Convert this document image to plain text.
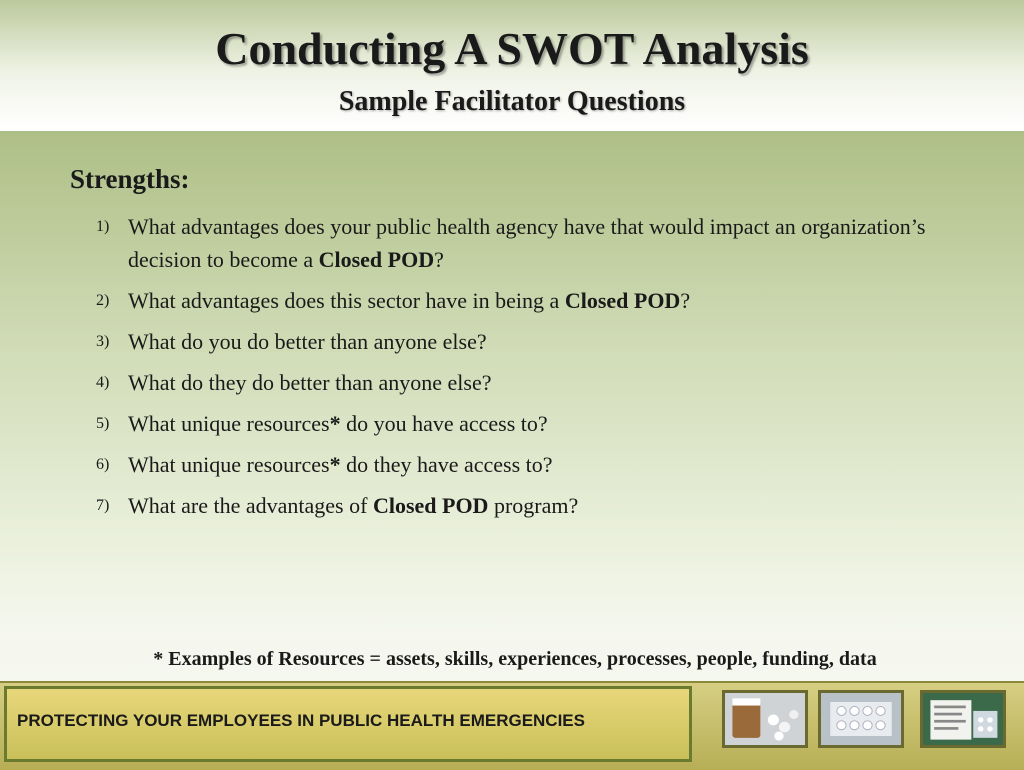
Conducting A SWOT Analysis
Sample Facilitator Questions
Strengths:
1) What advantages does your public health agency have that would impact an organization’s decision to become a Closed POD?
2) What advantages does this sector have in being a Closed POD?
3) What do you do better than anyone else?
4) What do they do better than anyone else?
5) What unique resources* do you have access to?
6) What unique resources* do they have access to?
7) What are the advantages of Closed POD program?
* Examples of Resources = assets, skills, experiences, processes, people, funding, data
PROTECTING YOUR EMPLOYEES IN PUBLIC HEALTH EMERGENCIES
